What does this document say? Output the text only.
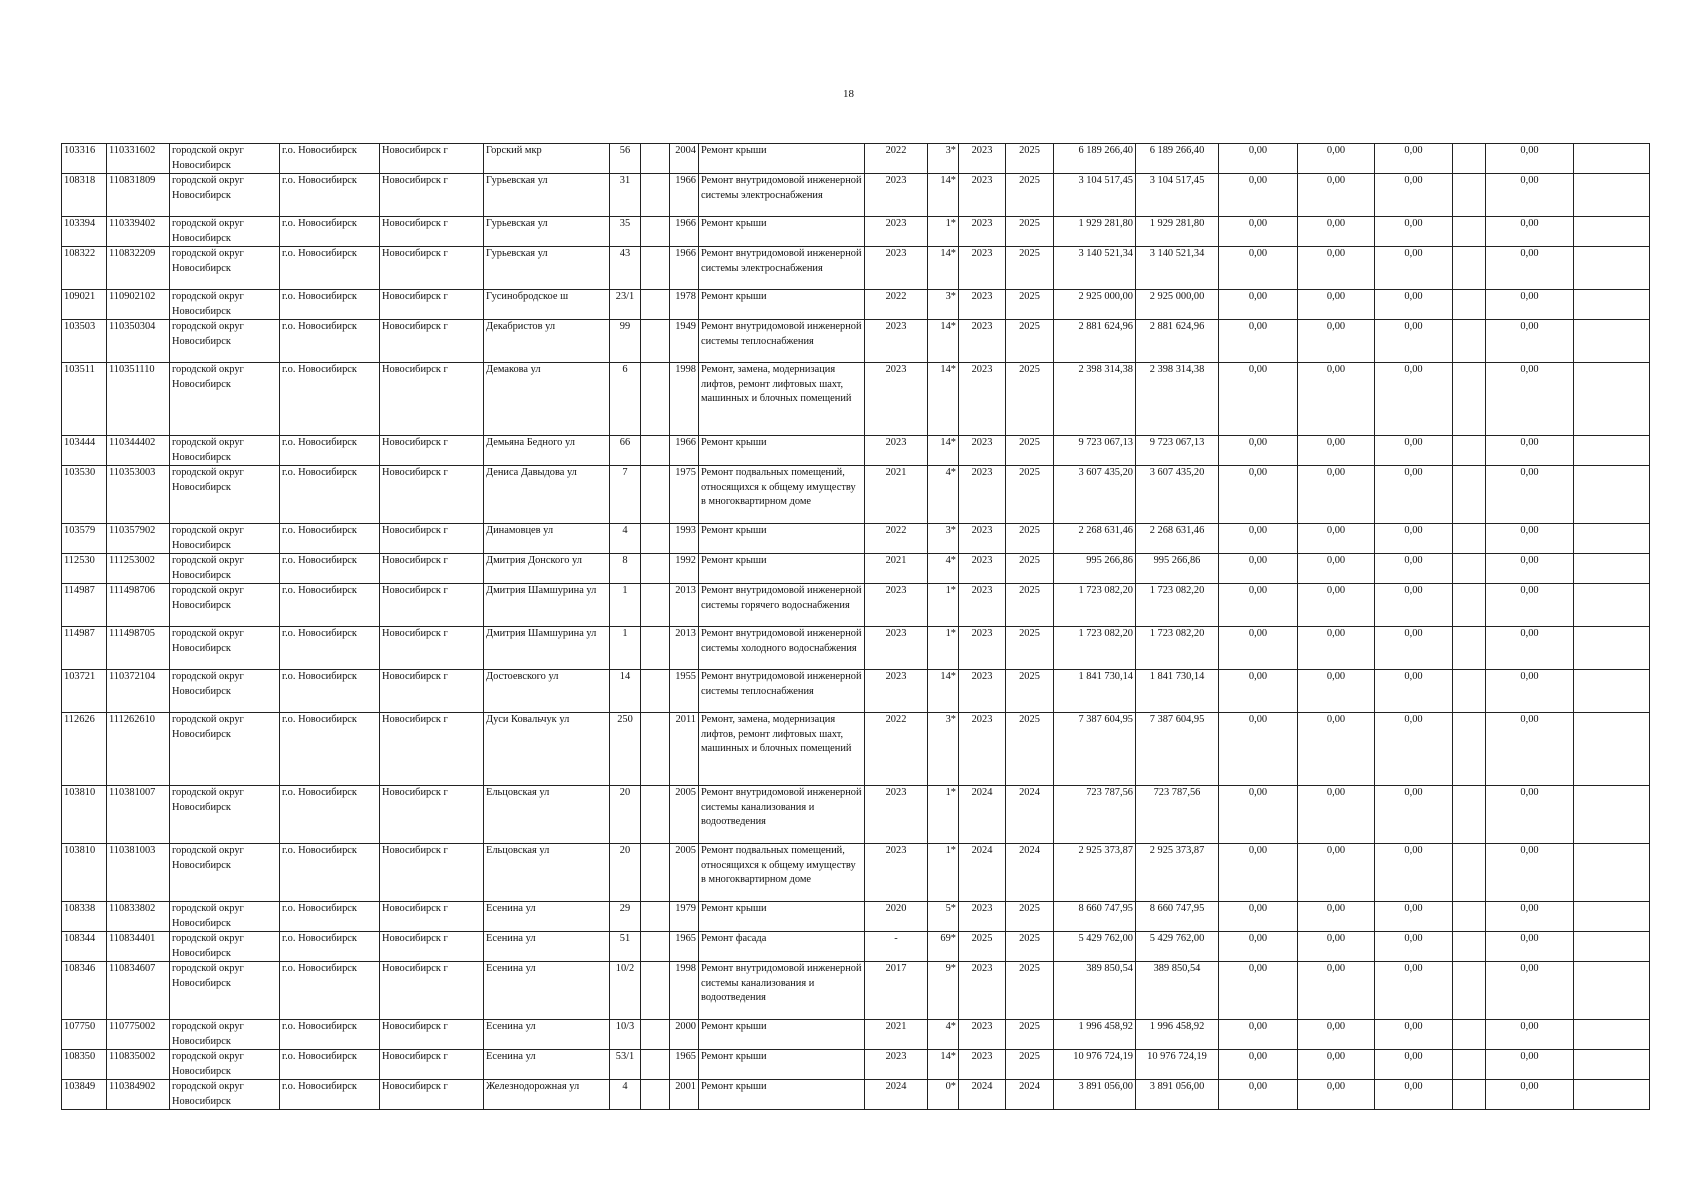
18
103316	110331602	городской округ Новосибирск	г.о. Новосибирск	Новосибирск г	Горский мкр	56		2004	Ремонт крыши	2022	3*	2023	2025	6 189 266,40	6 189 266,40	0,00	0,00	0,00		0,00	
108318	110831809	городской округ Новосибирск	г.о. Новосибирск	Новосибирск г	Гурьевская ул	31		1966	Ремонт внутридомовой инженерной системы электроснабжения	2023	14*	2023	2025	3 104 517,45	3 104 517,45	0,00	0,00	0,00		0,00	
103394	110339402	городской округ Новосибирск	г.о. Новосибирск	Новосибирск г	Гурьевская ул	35		1966	Ремонт крыши	2023	1*	2023	2025	1 929 281,80	1 929 281,80	0,00	0,00	0,00		0,00	
108322	110832209	городской округ Новосибирск	г.о. Новосибирск	Новосибирск г	Гурьевская ул	43		1966	Ремонт внутридомовой инженерной системы электроснабжения	2023	14*	2023	2025	3 140 521,34	3 140 521,34	0,00	0,00	0,00		0,00	
109021	110902102	городской округ Новосибирск	г.о. Новосибирск	Новосибирск г	Гусинобродское ш	23/1		1978	Ремонт крыши	2022	3*	2023	2025	2 925 000,00	2 925 000,00	0,00	0,00	0,00		0,00	
103503	110350304	городской округ Новосибирск	г.о. Новосибирск	Новосибирск г	Декабристов ул	99		1949	Ремонт внутридомовой инженерной системы теплоснабжения	2023	14*	2023	2025	2 881 624,96	2 881 624,96	0,00	0,00	0,00		0,00	
103511	110351110	городской округ Новосибирск	г.о. Новосибирск	Новосибирск г	Демакова ул	6		1998	Ремонт, замена, модернизация лифтов, ремонт лифтовых шахт, машинных и блочных помещений	2023	14*	2023	2025	2 398 314,38	2 398 314,38	0,00	0,00	0,00		0,00	
103444	110344402	городской округ Новосибирск	г.о. Новосибирск	Новосибирск г	Демьяна Бедного ул	66		1966	Ремонт крыши	2023	14*	2023	2025	9 723 067,13	9 723 067,13	0,00	0,00	0,00		0,00	
103530	110353003	городской округ Новосибирск	г.о. Новосибирск	Новосибирск г	Дениса Давыдова ул	7		1975	Ремонт подвальных помещений, относящихся к общему имуществу в многоквартирном доме	2021	4*	2023	2025	3 607 435,20	3 607 435,20	0,00	0,00	0,00		0,00	
103579	110357902	городской округ Новосибирск	г.о. Новосибирск	Новосибирск г	Динамовцев ул	4		1993	Ремонт крыши	2022	3*	2023	2025	2 268 631,46	2 268 631,46	0,00	0,00	0,00		0,00	
112530	111253002	городской округ Новосибирск	г.о. Новосибирск	Новосибирск г	Дмитрия Донского ул	8		1992	Ремонт крыши	2021	4*	2023	2025	995 266,86	995 266,86	0,00	0,00	0,00		0,00	
114987	111498706	городской округ Новосибирск	г.о. Новосибирск	Новосибирск г	Дмитрия Шамшурина ул	1		2013	Ремонт внутридомовой инженерной системы горячего водоснабжения	2023	1*	2023	2025	1 723 082,20	1 723 082,20	0,00	0,00	0,00		0,00	
114987	111498705	городской округ Новосибирск	г.о. Новосибирск	Новосибирск г	Дмитрия Шамшурина ул	1		2013	Ремонт внутридомовой инженерной системы холодного водоснабжения	2023	1*	2023	2025	1 723 082,20	1 723 082,20	0,00	0,00	0,00		0,00	
103721	110372104	городской округ Новосибирск	г.о. Новосибирск	Новосибирск г	Достоевского ул	14		1955	Ремонт внутридомовой инженерной системы теплоснабжения	2023	14*	2023	2025	1 841 730,14	1 841 730,14	0,00	0,00	0,00		0,00	
112626	111262610	городской округ Новосибирск	г.о. Новосибирск	Новосибирск г	Дуси Ковальчук ул	250		2011	Ремонт, замена, модернизация лифтов, ремонт лифтовых шахт, машинных и блочных помещений	2022	3*	2023	2025	7 387 604,95	7 387 604,95	0,00	0,00	0,00		0,00	
103810	110381007	городской округ Новосибирск	г.о. Новосибирск	Новосибирск г	Ельцовская ул	20		2005	Ремонт внутридомовой инженерной системы канализования и водоотведения	2023	1*	2024	2024	723 787,56	723 787,56	0,00	0,00	0,00		0,00	
103810	110381003	городской округ Новосибирск	г.о. Новосибирск	Новосибирск г	Ельцовская ул	20		2005	Ремонт подвальных помещений, относящихся к общему имуществу в многоквартирном доме	2023	1*	2024	2024	2 925 373,87	2 925 373,87	0,00	0,00	0,00		0,00	
108338	110833802	городской округ Новосибирск	г.о. Новосибирск	Новосибирск г	Есенина ул	29		1979	Ремонт крыши	2020	5*	2023	2025	8 660 747,95	8 660 747,95	0,00	0,00	0,00		0,00	
108344	110834401	городской округ Новосибирск	г.о. Новосибирск	Новосибирск г	Есенина ул	51		1965	Ремонт фасада	-	69*	2025	2025	5 429 762,00	5 429 762,00	0,00	0,00	0,00		0,00	
108346	110834607	городской округ Новосибирск	г.о. Новосибирск	Новосибирск г	Есенина ул	10/2		1998	Ремонт внутридомовой инженерной системы канализования и водоотведения	2017	9*	2023	2025	389 850,54	389 850,54	0,00	0,00	0,00		0,00	
107750	110775002	городской округ Новосибирск	г.о. Новосибирск	Новосибирск г	Есенина ул	10/3		2000	Ремонт крыши	2021	4*	2023	2025	1 996 458,92	1 996 458,92	0,00	0,00	0,00		0,00	
108350	110835002	городской округ Новосибирск	г.о. Новосибирск	Новосибирск г	Есенина ул	53/1		1965	Ремонт крыши	2023	14*	2023	2025	10 976 724,19	10 976 724,19	0,00	0,00	0,00		0,00	
103849	110384902	городской округ Новосибирск	г.о. Новосибирск	Новосибирск г	Железнодорожная ул	4		2001	Ремонт крыши	2024	0*	2024	2024	3 891 056,00	3 891 056,00	0,00	0,00	0,00		0,00	
